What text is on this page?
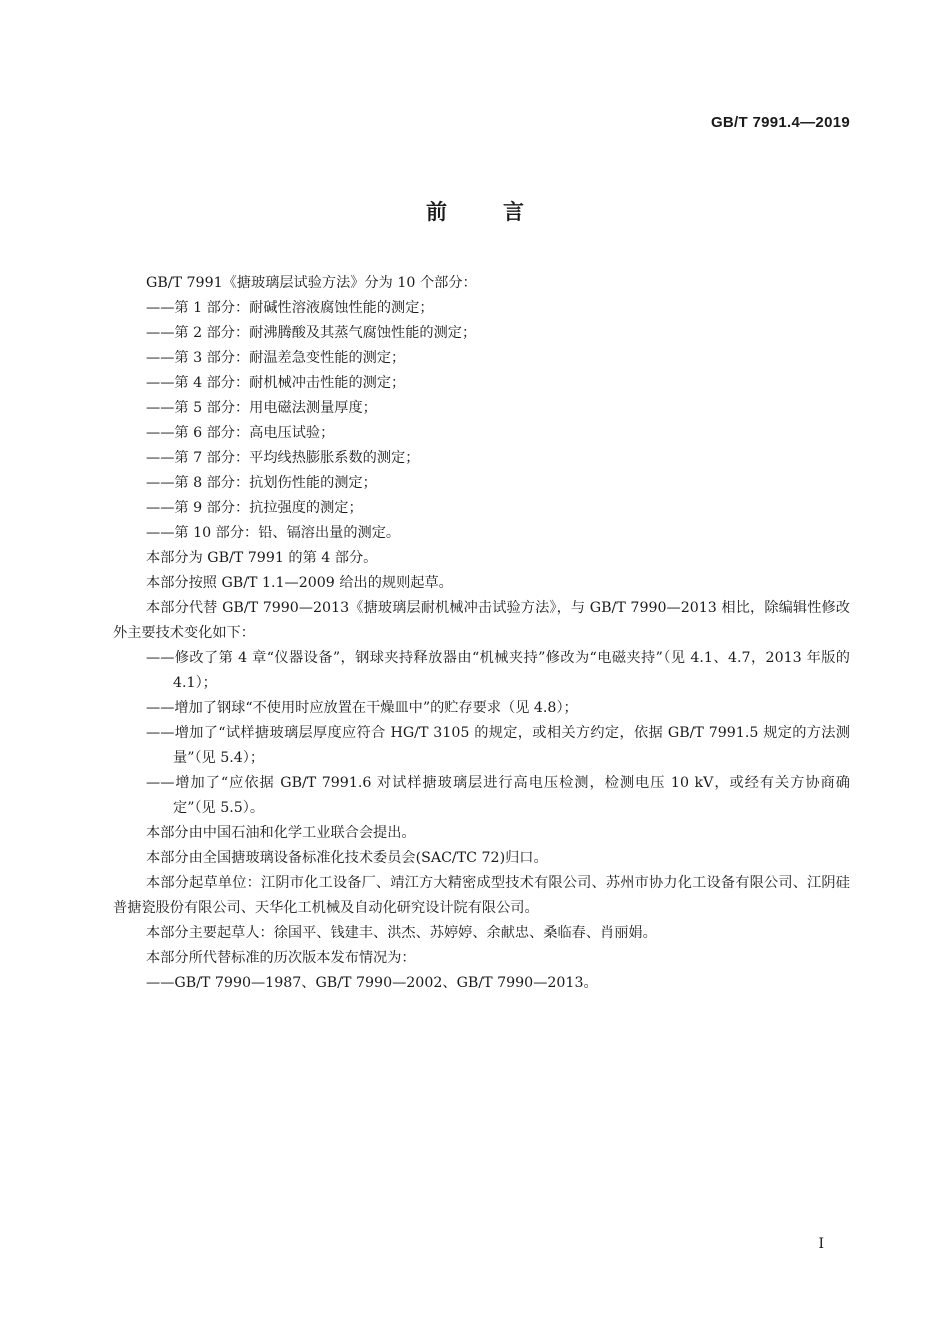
GB/T 7991.4—2019
前言
GB/T 7991《搪玻璃层试验方法》分为 10 个部分：
——第 1 部分：耐碱性溶液腐蚀性能的测定；
——第 2 部分：耐沸腾酸及其蒸气腐蚀性能的测定；
——第 3 部分：耐温差急变性能的测定；
——第 4 部分：耐机械冲击性能的测定；
——第 5 部分：用电磁法测量厚度；
——第 6 部分：高电压试验；
——第 7 部分：平均线热膨胀系数的测定；
——第 8 部分：抗划伤性能的测定；
——第 9 部分：抗拉强度的测定；
——第 10 部分：铅、镉溶出量的测定。
本部分为 GB/T 7991 的第 4 部分。
本部分按照 GB/T 1.1—2009 给出的规则起草。
本部分代替 GB/T 7990—2013《搪玻璃层耐机械冲击试验方法》，与 GB/T 7990—2013 相比，除编辑性修改外主要技术变化如下：
——修改了第 4 章“仪器设备”，钢球夹持释放器由“机械夹持”修改为“电磁夹持”（见 4.1、4.7，2013 年版的 4.1）；
——增加了钢球“不使用时应放置在干燥皿中”的贮存要求（见 4.8）；
——增加了“试样搪玻璃层厚度应符合 HG/T 3105 的规定，或相关方约定，依据 GB/T 7991.5 规定的方法测量”（见 5.4）；
——增加了“应依据 GB/T 7991.6 对试样搪玻璃层进行高电压检测，检测电压 10 kV，或经有关方协商确定”（见 5.5）。
本部分由中国石油和化学工业联合会提出。
本部分由全国搪玻璃设备标准化技术委员会(SAC/TC 72)归口。
本部分起草单位：江阴市化工设备厂、靖江方大精密成型技术有限公司、苏州市协力化工设备有限公司、江阴硅普搪瓷股份有限公司、天华化工机械及自动化研究设计院有限公司。
本部分主要起草人：徐国平、钱建丰、洪杰、苏婷婷、余献忠、桑临春、肖丽娟。
本部分所代替标准的历次版本发布情况为：
——GB/T 7990—1987、GB/T 7990—2002、GB/T 7990—2013。
I
